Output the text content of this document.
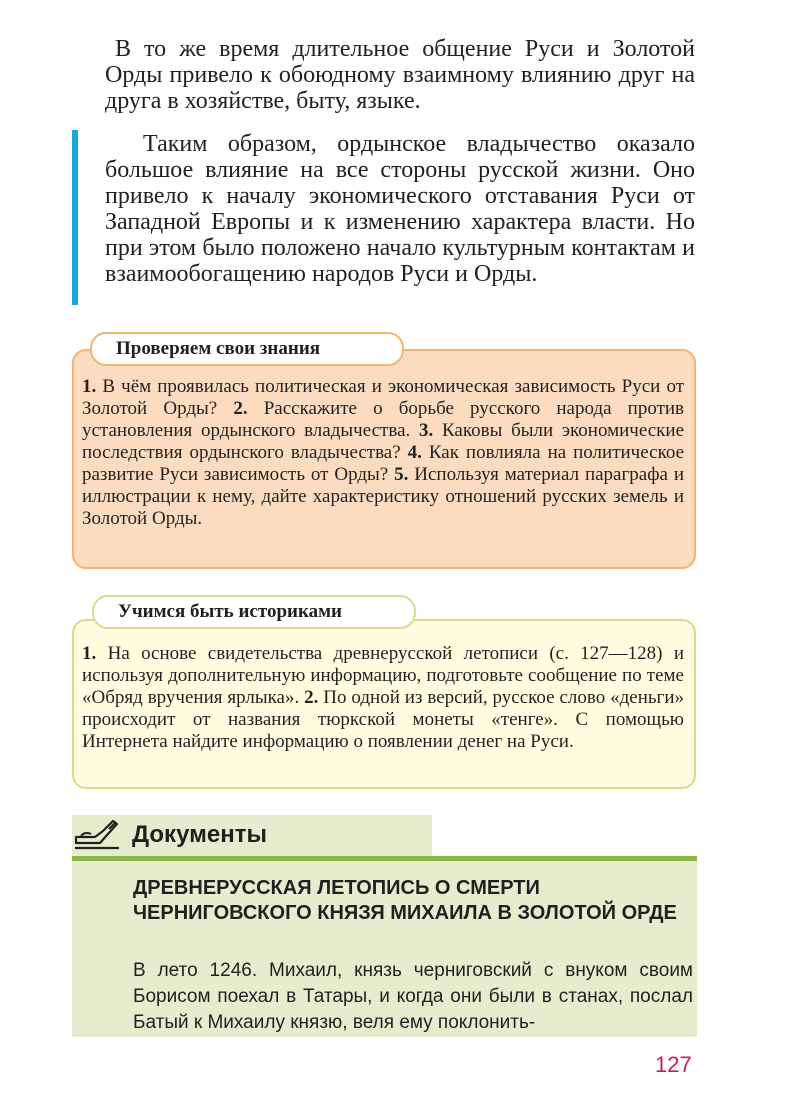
В то же время длительное общение Руси и Золотой Орды привело к обоюдному взаимному влиянию друг на друга в хозяйстве, быту, языке.

Таким образом, ордынское владычество оказало большое влияние на все стороны русской жизни. Оно привело к началу экономического отставания Руси от Западной Европы и к изменению характера власти. Но при этом было положено начало культурным контактам и взаимообогащению народов Руси и Орды.

Проверяем свои знания

1. В чём проявилась политическая и экономическая зависимость Руси от Золотой Орды? 2. Расскажите о борьбе русского народа против установления ордынского владычества. 3. Каковы были экономические последствия ордынского владычества? 4. Как повлияла на политическое развитие Руси зависимость от Орды? 5. Используя материал параграфа и иллюстрации к нему, дайте характеристику отношений русских земель и Золотой Орды.

Учимся быть историками

1. На основе свидетельства древнерусской летописи (с. 127—128) и используя дополнительную информацию, подготовьте сообщение по теме «Обряд вручения ярлыка». 2. По одной из версий, русское слово «деньги» происходит от названия тюркской монеты «тенге». С помощью Интернета найдите информацию о появлении денег на Руси.

Документы
ДРЕВНЕРУССКАЯ ЛЕТОПИСЬ О СМЕРТИ ЧЕРНИГОВСКОГО КНЯЗЯ МИХАИЛА В ЗОЛОТОЙ ОРДЕ

В лето 1246. Михаил, князь черниговский с внуком своим Борисом поехал в Татары, и когда они были в станах, послал Батый к Михаилу князю, веля ему поклонить-

127
